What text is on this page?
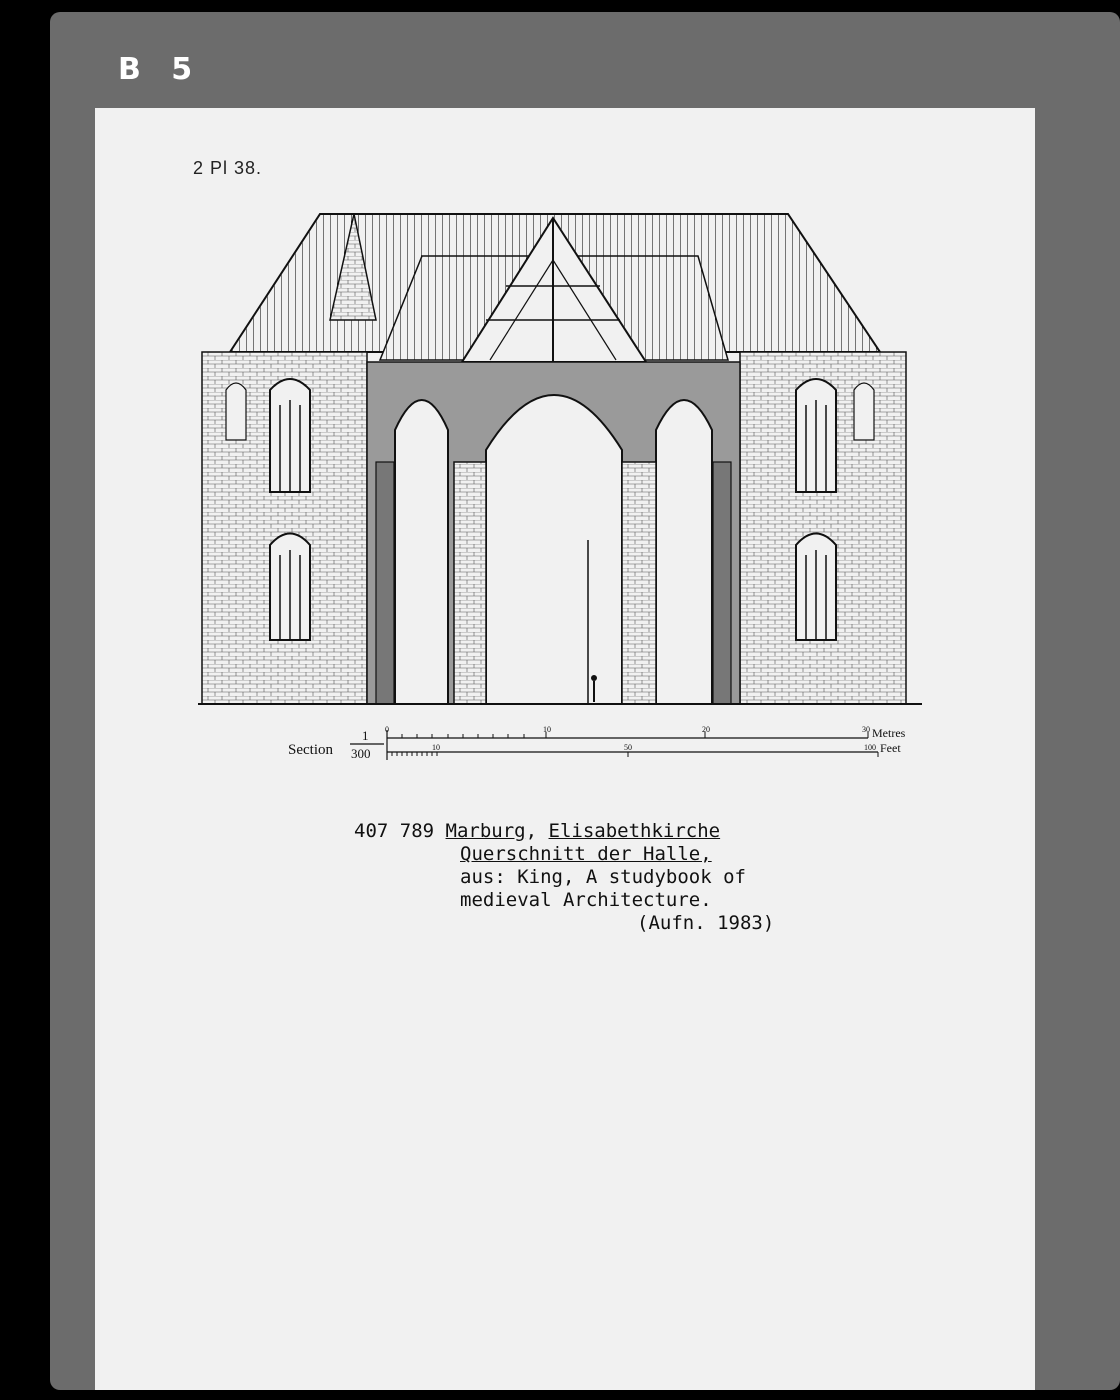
B 5
2 Pl 38.
Section
1
300
0	10	20	30 Metres
10	50	100 Feet
407 789 Marburg, Elisabethkirche
Querschnitt der Halle,
aus: King, A studybook of
medieval Architecture.
(Aufn. 1983)
